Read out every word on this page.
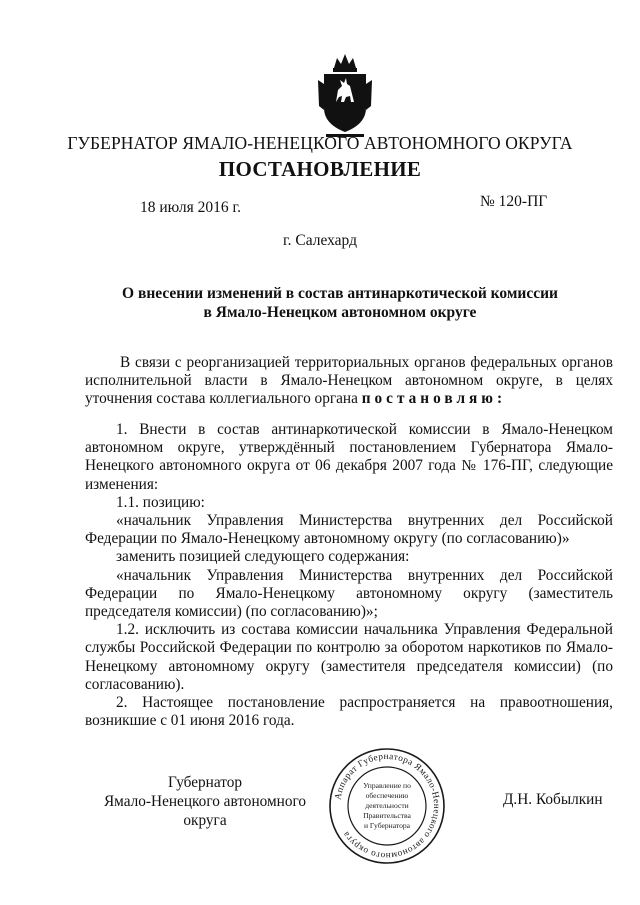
ГУБЕРНАТОР ЯМАЛО-НЕНЕЦКОГО АВТОНОМНОГО ОКРУГА
ПОСТАНОВЛЕНИЕ
18 июля 2016 г.	№ 120-ПГ
г. Салехард
О внесении изменений в состав антинаркотической комиссии
в Ямало-Ненецком автономном округе

В связи с реорганизацией территориальных органов федеральных органов исполнительной власти в Ямало-Ненецком автономном округе, в целях уточнения состава коллегиального органа постановляю:

1. Внести в состав антинаркотической комиссии в Ямало-Ненецком автономном округе, утверждённый постановлением Губернатора Ямало-Ненецкого автономного округа от 06 декабря 2007 года № 176-ПГ, следующие изменения:

1.1. позицию:

«начальник Управления Министерства внутренних дел Российской Федерации по Ямало-Ненецкому автономному округу (по согласованию)»

заменить позицией следующего содержания:

«начальник Управления Министерства внутренних дел Российской Федерации по Ямало-Ненецкому автономному округу (заместитель председателя комиссии) (по согласованию)»;

1.2. исключить из состава комиссии начальника Управления Федеральной службы Российской Федерации по контролю за оборотом наркотиков по Ямало-Ненецкому автономному округу (заместителя председателя комиссии) (по согласованию).

2. Настоящее постановление распространяется на правоотношения, возникшие с 01 июня 2016 года.

Губернатор
Ямало-Ненецкого автономного округа
Д.Н. Кобылкин
Аппарат Губернатора Ямало-Ненецкого автономного округа
Управление по
обеспечению
деятельности
Правительства
и Губернатора
